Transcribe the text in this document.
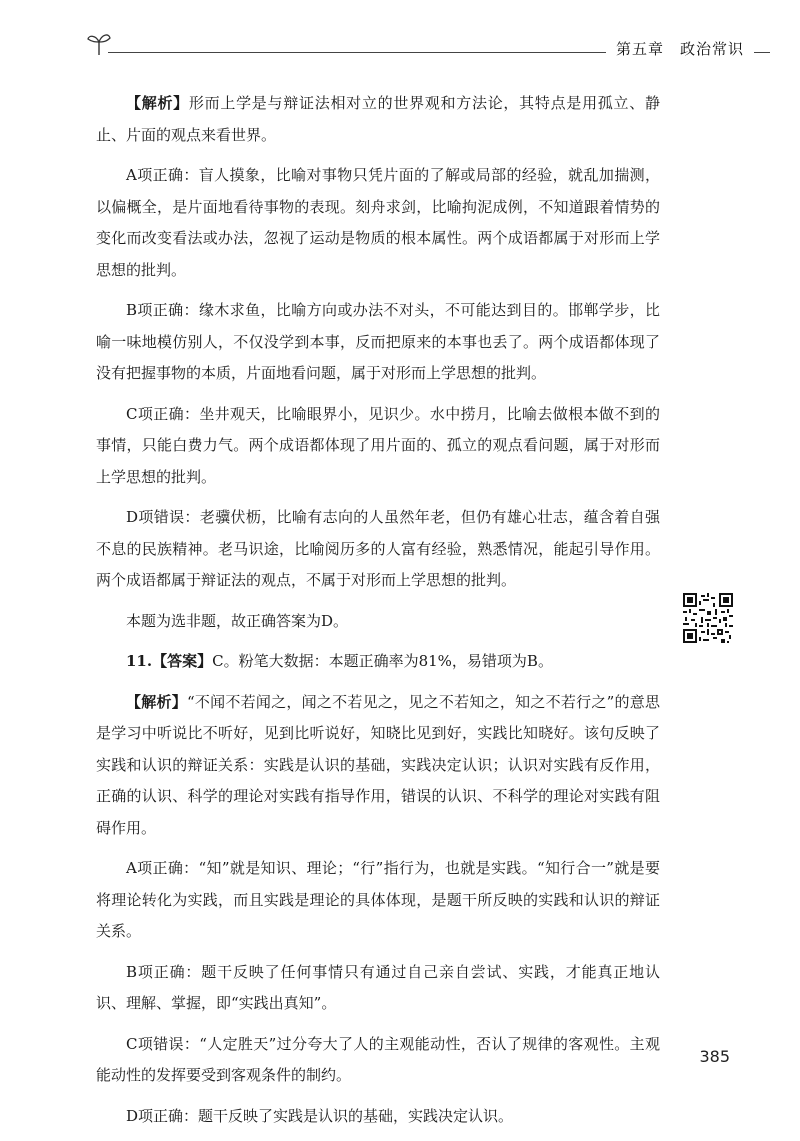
第五章　政治常识

【解析】形而上学是与辩证法相对立的世界观和方法论，其特点是用孤立、静止、片面的观点来看世界。

A项正确：盲人摸象，比喻对事物只凭片面的了解或局部的经验，就乱加揣测，以偏概全，是片面地看待事物的表现。刻舟求剑，比喻拘泥成例，不知道跟着情势的变化而改变看法或办法，忽视了运动是物质的根本属性。两个成语都属于对形而上学思想的批判。

B项正确：缘木求鱼，比喻方向或办法不对头，不可能达到目的。邯郸学步，比喻一味地模仿别人，不仅没学到本事，反而把原来的本事也丢了。两个成语都体现了没有把握事物的本质，片面地看问题，属于对形而上学思想的批判。

C项正确：坐井观天，比喻眼界小，见识少。水中捞月，比喻去做根本做不到的事情，只能白费力气。两个成语都体现了用片面的、孤立的观点看问题，属于对形而上学思想的批判。

D项错误：老骥伏枥，比喻有志向的人虽然年老，但仍有雄心壮志，蕴含着自强不息的民族精神。老马识途，比喻阅历多的人富有经验，熟悉情况，能起引导作用。两个成语都属于辩证法的观点，不属于对形而上学思想的批判。

本题为选非题，故正确答案为D。

11.【答案】C。粉笔大数据：本题正确率为81%，易错项为B。

【解析】“不闻不若闻之，闻之不若见之，见之不若知之，知之不若行之”的意思是学习中听说比不听好，见到比听说好，知晓比见到好，实践比知晓好。该句反映了实践和认识的辩证关系：实践是认识的基础，实践决定认识；认识对实践有反作用，正确的认识、科学的理论对实践有指导作用，错误的认识、不科学的理论对实践有阻碍作用。

A项正确：“知”就是知识、理论；“行”指行为，也就是实践。“知行合一”就是要将理论转化为实践，而且实践是理论的具体体现，是题干所反映的实践和认识的辩证关系。

B项正确：题干反映了任何事情只有通过自己亲自尝试、实践，才能真正地认识、理解、掌握，即“实践出真知”。

C项错误：“人定胜天”过分夸大了人的主观能动性，否认了规律的客观性。主观能动性的发挥要受到客观条件的制约。

D项正确：题干反映了实践是认识的基础，实践决定认识。

385
